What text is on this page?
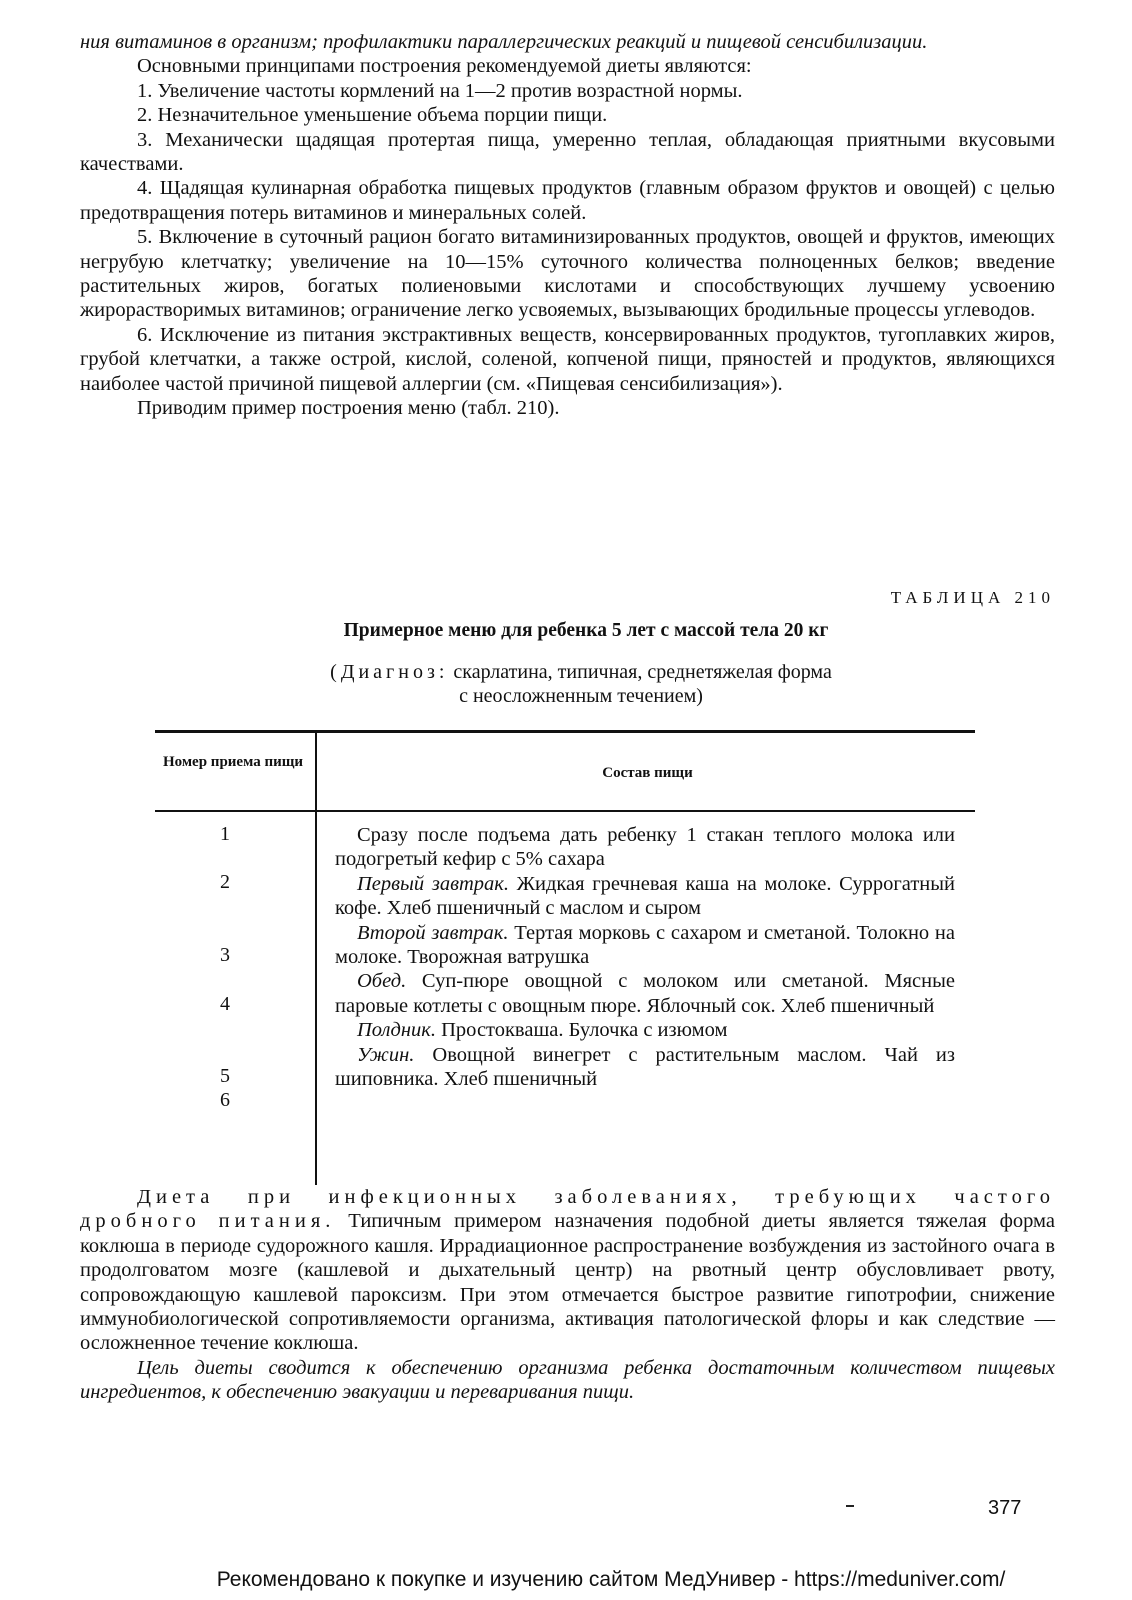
ния витаминов в организм; профилактики параллергических реакций и пищевой сенсибилизации.

Основными принципами построения рекомендуемой диеты являются:

1. Увеличение частоты кормлений на 1—2 против возрастной нормы.

2. Незначительное уменьшение объема порции пищи.

3. Механически щадящая протертая пища, умеренно теплая, обладающая приятными вкусовыми качествами.

4. Щадящая кулинарная обработка пищевых продуктов (главным образом фруктов и овощей) с целью предотвращения потерь витаминов и минеральных солей.

5. Включение в суточный рацион богато витаминизированных продуктов, овощей и фруктов, имеющих негрубую клетчатку; увеличение на 10—15% суточного количества полноценных белков; введение растительных жиров, богатых полиеновыми кислотами и способствующих лучшему усвоению жирорастворимых витаминов; ограничение легко усвояемых, вызывающих бродильные процессы углеводов.

6. Исключение из питания экстрактивных веществ, консервированных продуктов, тугоплавких жиров, грубой клетчатки, а также острой, кислой, соленой, копченой пищи, пряностей и продуктов, являющихся наиболее частой причиной пищевой аллергии (см. «Пищевая сенсибилизация»).

Приводим пример построения меню (табл. 210).

ТАБЛИЦА 210
Примерное меню для ребенка 5 лет с массой тела 20 кг
(Диагноз: скарлатина, типичная, среднетяжелая форма
с неосложненным течением)
Номер приема пищи
Состав пищи
1
2
3
4
5
6

Сразу после подъема дать ребенку 1 стакан теплого молока или подогретый кефир с 5% сахара

Первый завтрак. Жидкая гречневая каша на молоке. Суррогатный кофе. Хлеб пшеничный с маслом и сыром

Второй завтрак. Тертая морковь с сахаром и сметаной. Толокно на молоке. Творожная ватрушка

Обед. Суп-пюре овощной с молоком или сметаной. Мясные паровые котлеты с овощным пюре. Яблочный сок. Хлеб пшеничный

Полдник. Простокваша. Булочка с изюмом

Ужин. Овощной винегрет с растительным маслом. Чай из шиповника. Хлеб пшеничный

Диета при инфекционных заболеваниях, требующих частого дробного питания. Типичным примером назначения подобной диеты является тяжелая форма коклюша в периоде судорожного кашля. Иррадиационное распространение возбуждения из застойного очага в продолговатом мозге (кашлевой и дыхательный центр) на рвотный центр обусловливает рвоту, сопровождающую кашлевой пароксизм. При этом отмечается быстрое развитие гипотрофии, снижение иммунобиологической сопротивляемости организма, активация патологической флоры и как следствие — осложненное течение коклюша.

Цель диеты сводится к обеспечению организма ребенка достаточным количеством пищевых ингредиентов, к обеспечению эвакуации и переваривания пищи.

377
Рекомендовано к покупке и изучению сайтом МедУнивер - https://meduniver.com/
